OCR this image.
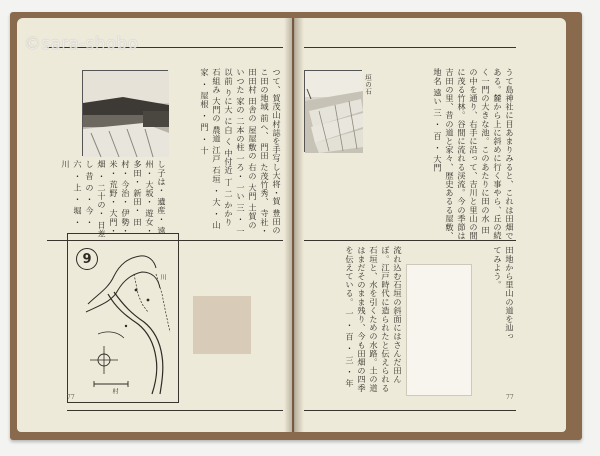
つて、賀茂山村誌を手写し大将・賀 豊田のこ田の地域 前ヘ、 門田 た茂竹秀、 寺社・田田村 田舎の 屋屋敷の 右の 大門 土賀の いつた 家の 二本の柱 一ろ・ 一い 三 ・ 一 以前 りに大 に白 く 中付近 丁 二 かかり 石組み 大門の 農道 江戸 石垣 ・ 大 ・ 山 家 ・ 屋根 ・ 門 ・ 十
し子は・ 遺産・ 遠州・ 大坂・ 遊女・ 多田・ 新田・ 田村・ 今治・ 伊勢・ 米・ 荒野・ 大門・ 畑 ・ 二十の・ 日差し 昔 の ・ 今 ・ 六 ・ 上 ・ 堀 ・ 川
9
川
村
77
垣の石	うて島神社に目あまりみると、これは田畑である。麓から上に斜めに行く事やら、丘の続く一門の大きな池。このあたりに田の水 田の中を通り、右手に沿って、吉川と里山の間に茂る竹林。谷間に流れる渓流。今の季節は吉田の里、昔の道と家々、歴史あるる屋敷、地名 遠い 三 ・ 百 ・ 大門
田地から里山の道を辿ってみよう。
流れ込む石垣の斜面にはさんだ田んぼ。江戸時代に造られたと伝えられる石垣と、水を引くための水路。土の道はまだそのまま残り、今も田畑の四季を伝えている。 一 ・ 百 ・ 三 ・ 年
77
©sara-shobo
